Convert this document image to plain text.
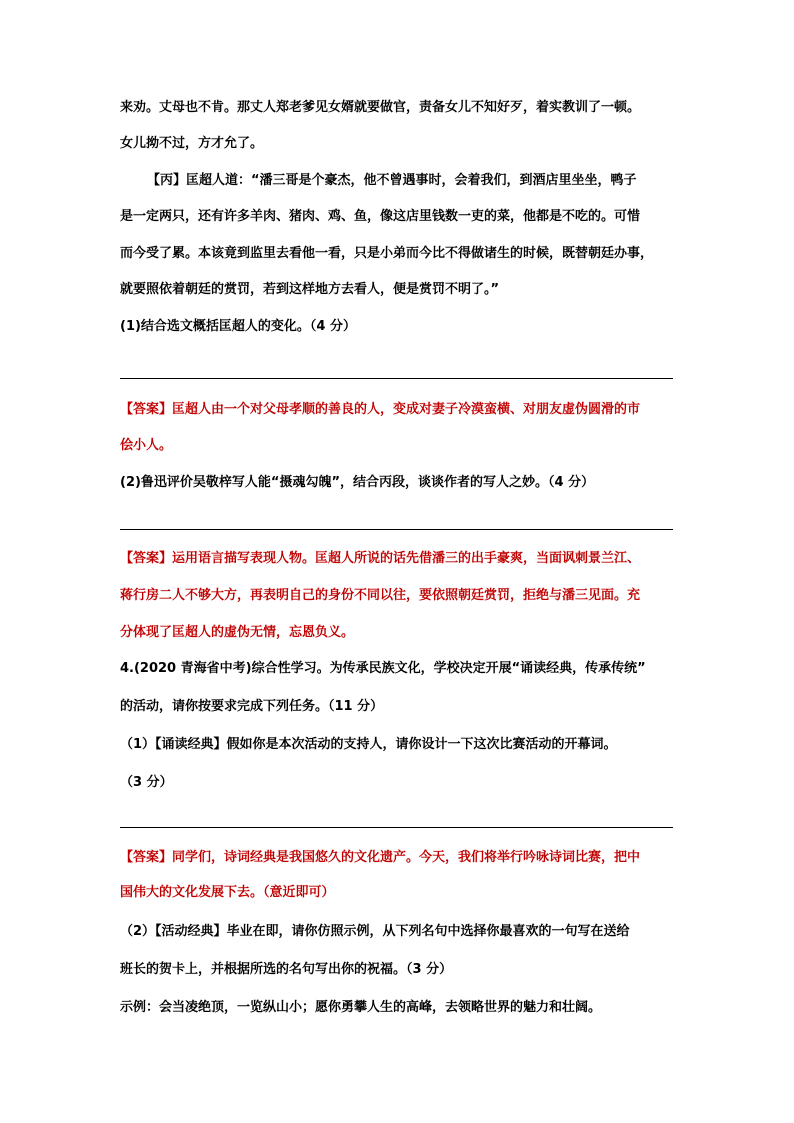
来劝。丈母也不肯。那丈人郑老爹见女婿就要做官，责备女儿不知好歹，着实教训了一顿。
女儿拗不过，方才允了。
【丙】匡超人道：“潘三哥是个豪杰，他不曾遇事时，会着我们，到酒店里坐坐，鸭子
是一定两只，还有许多羊肉、猪肉、鸡、鱼，像这店里钱数一吏的菜，他都是不吃的。可惜
而今受了累。本该竟到监里去看他一看，只是小弟而今比不得做诸生的时候，既替朝廷办事，
就要照依着朝廷的赏罚，若到这样地方去看人，便是赏罚不明了。”
(1)结合选文概括匡超人的变化。（4 分）
【答案】匡超人由一个对父母孝顺的善良的人，变成对妻子冷漠蛮横、对朋友虚伪圆滑的市
侩小人。
(2)鲁迅评价吴敬梓写人能“摄魂勾魄”，结合丙段，谈谈作者的写人之妙。（4 分）
【答案】运用语言描写表现人物。匡超人所说的话先借潘三的出手豪爽，当面讽刺景兰江、
蒋行房二人不够大方，再表明自己的身份不同以往，要依照朝廷赏罚，拒绝与潘三见面。充
分体现了匡超人的虚伪无情，忘恩负义。
4.(2020 青海省中考)综合性学习。为传承民族文化，学校决定开展“诵读经典，传承传统”
的活动，请你按要求完成下列任务。（11 分）
（1）【诵读经典】假如你是本次活动的支持人，请你设计一下这次比赛活动的开幕词。
（3 分）
【答案】同学们，诗词经典是我国悠久的文化遗产。今天，我们将举行吟咏诗词比赛，把中
国伟大的文化发展下去。（意近即可）
（2）【活动经典】毕业在即，请你仿照示例，从下列名句中选择你最喜欢的一句写在送给
班长的贺卡上，并根据所选的名句写出你的祝福。（3 分）
示例：会当凌绝顶，一览纵山小；愿你勇攀人生的高峰，去领略世界的魅力和壮阔。
